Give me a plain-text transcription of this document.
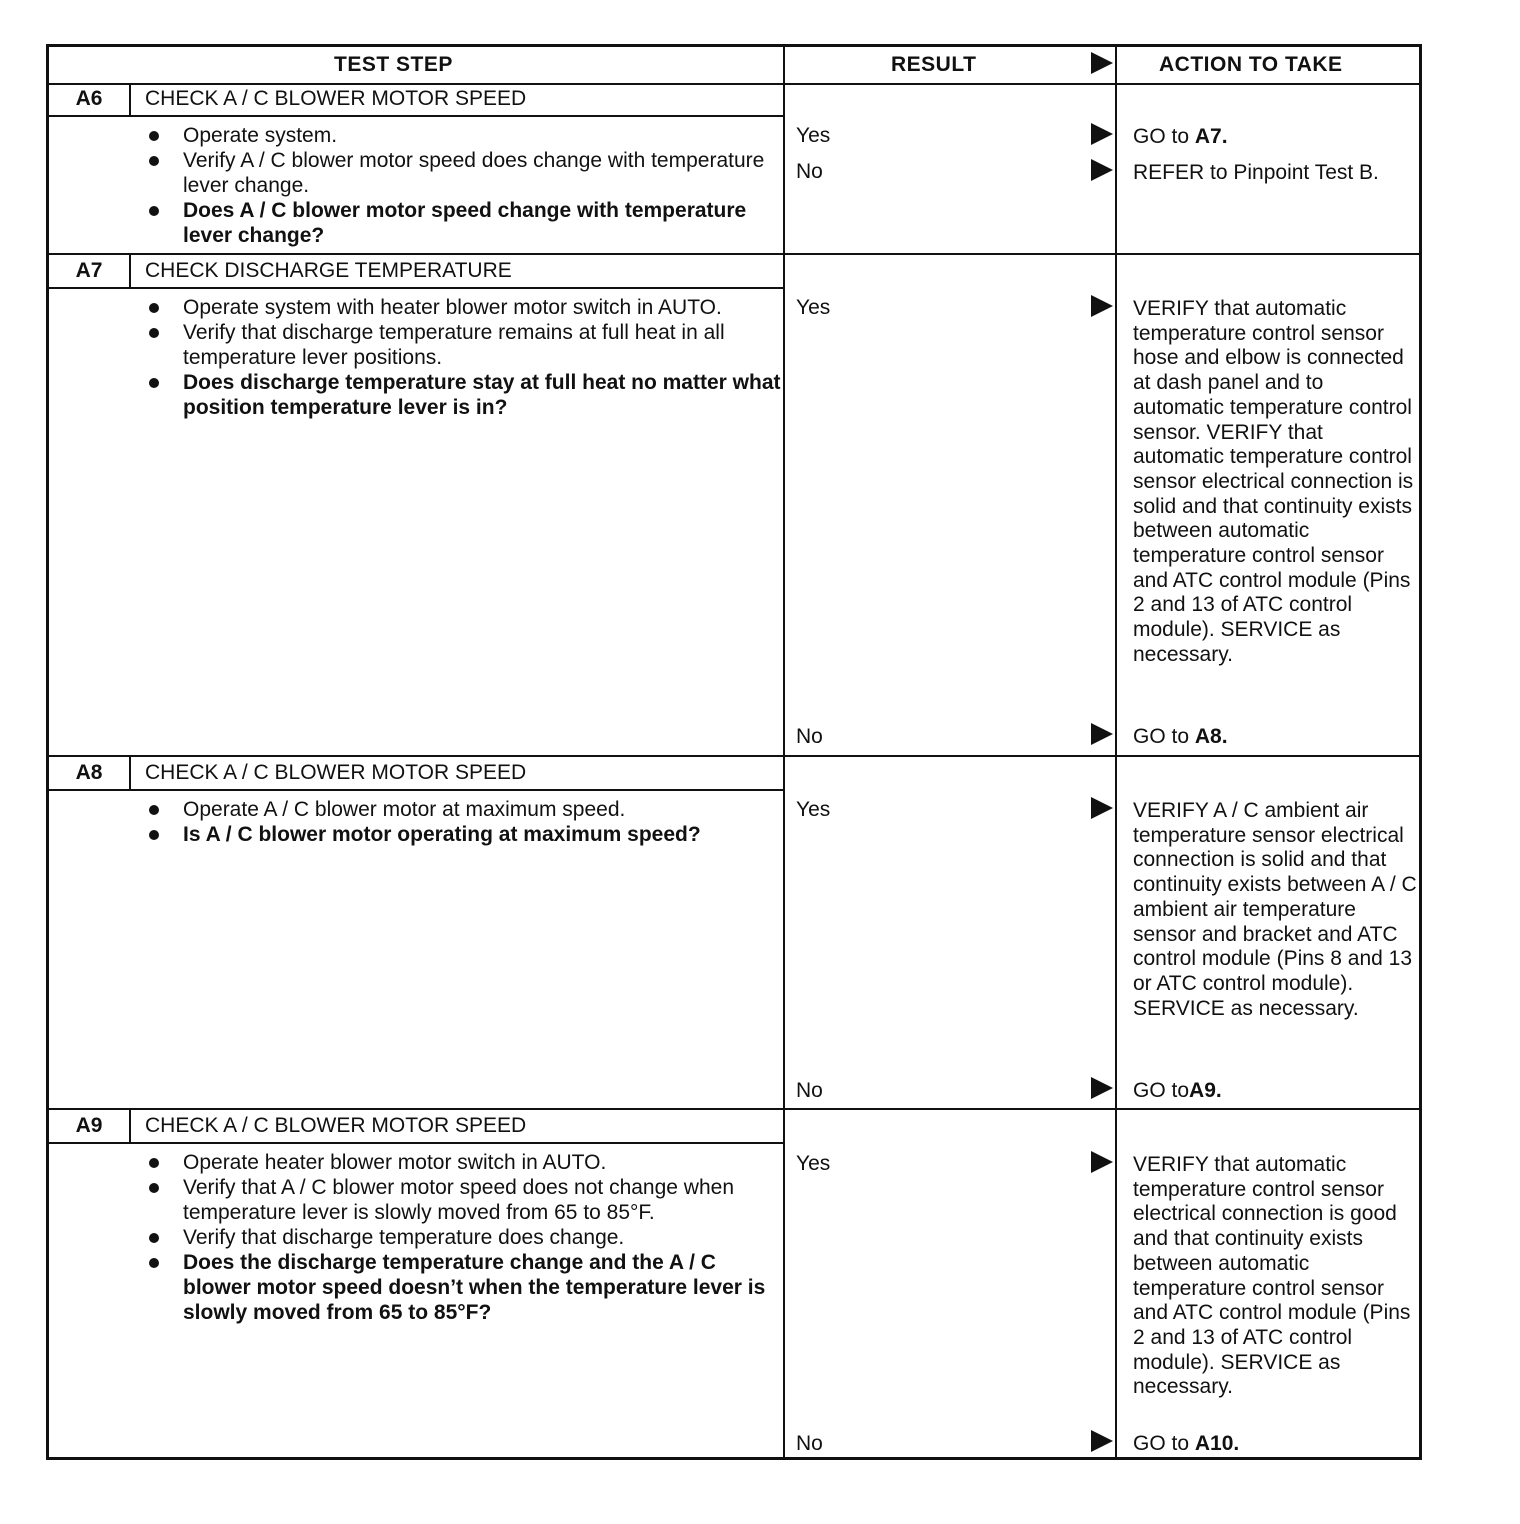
TEST STEP	RESULT	ACTION TO TAKE
A6	CHECK A / C BLOWER MOTOR SPEED
Operate system.
Verify A / C blower motor speed does change with temperature lever change.
Does A / C blower motor speed change with temperature lever change?
Yes	GO to A7.
No	REFER to Pinpoint Test B.
A7	CHECK DISCHARGE TEMPERATURE
Operate system with heater blower motor switch in AUTO.
Verify that discharge temperature remains at full heat in all temperature lever positions.
Does discharge temperature stay at full heat no matter what position temperature lever is in?
Yes	VERIFY that automatic temperature control sensor hose and elbow is connected at dash panel and to automatic temperature control sensor. VERIFY that automatic temperature control sensor electrical connection is solid and that continuity exists between automatic temperature control sensor and ATC control module (Pins 2 and 13 of ATC control module). SERVICE as necessary.
No	GO to A8.
A8	CHECK A / C BLOWER MOTOR SPEED
Operate A / C blower motor at maximum speed.
Is A / C blower motor operating at maximum speed?
Yes	VERIFY A / C ambient air temperature sensor electrical connection is solid and that continuity exists between A / C ambient air temperature sensor and bracket and ATC control module (Pins 8 and 13 or ATC control module). SERVICE as necessary.
No	GO toA9.
A9	CHECK A / C BLOWER MOTOR SPEED
Operate heater blower motor switch in AUTO.
Verify that A / C blower motor speed does not change when temperature lever is slowly moved from 65 to 85°F.
Verify that discharge temperature does change.
Does the discharge temperature change and the A / C blower motor speed doesn’t when the temperature lever is slowly moved from 65 to 85°F?
Yes	VERIFY that automatic temperature control sensor electrical connection is good and that continuity exists between automatic temperature control sensor and ATC control module (Pins 2 and 13 of ATC control module). SERVICE as necessary.
No	GO to A10.
